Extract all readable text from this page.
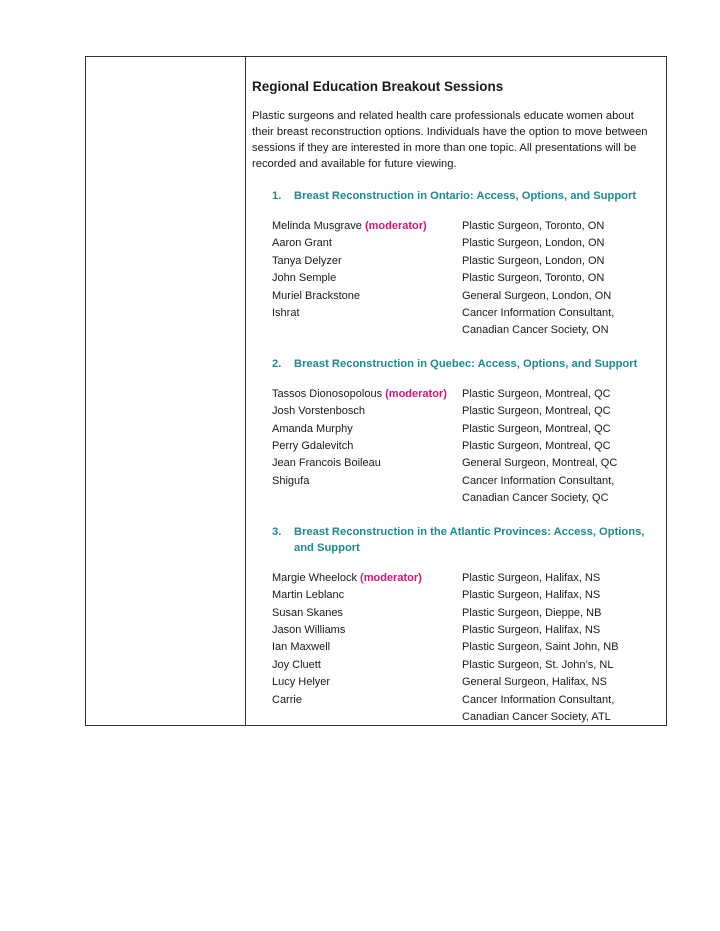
Regional Education Breakout Sessions

Plastic surgeons and related health care professionals educate women about their breast reconstruction options. Individuals have the option to move between sessions if they are interested in more than one topic. All presentations will be recorded and available for future viewing.

1. Breast Reconstruction in Ontario: Access, Options, and Support
Melinda Musgrave (moderator)	Plastic Surgeon, Toronto, ON
Aaron Grant	Plastic Surgeon, London, ON
Tanya Delyzer	Plastic Surgeon, London, ON
John Semple	Plastic Surgeon, Toronto, ON
Muriel Brackstone	General Surgeon, London, ON
Ishrat	Cancer Information Consultant,
Canadian Cancer Society, ON
2. Breast Reconstruction in Quebec: Access, Options, and Support
Tassos Dionosopolous (moderator)	Plastic Surgeon, Montreal, QC
Josh Vorstenbosch	Plastic Surgeon, Montreal, QC
Amanda Murphy	Plastic Surgeon, Montreal, QC
Perry Gdalevitch	Plastic Surgeon, Montreal, QC
Jean Francois Boileau	General Surgeon, Montreal, QC
Shigufa	Cancer Information Consultant,
Canadian Cancer Society, QC
3. Breast Reconstruction in the Atlantic Provinces: Access, Options, and Support
Margie Wheelock (moderator)	Plastic Surgeon, Halifax, NS
Martin Leblanc	Plastic Surgeon, Halifax, NS
Susan Skanes	Plastic Surgeon, Dieppe, NB
Jason Williams	Plastic Surgeon, Halifax, NS
Ian Maxwell	Plastic Surgeon, Saint John, NB
Joy Cluett	Plastic Surgeon, St. John’s, NL
Lucy Helyer	General Surgeon, Halifax, NS
Carrie	Cancer Information Consultant,
Canadian Cancer Society, ATL
